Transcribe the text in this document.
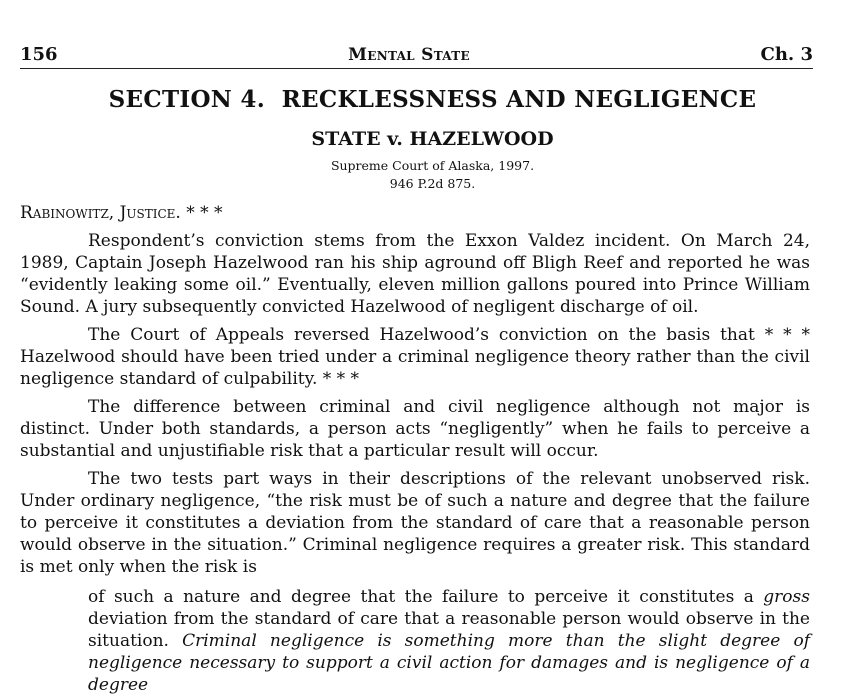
156	Mental State	Ch. 3
SECTION 4.  RECKLESSNESS AND NEGLIGENCE
STATE v. HAZELWOOD
Supreme Court of Alaska, 1997.
946 P.2d 875.

Rabinowitz, Justice. * * *

Respondent’s conviction stems from the Exxon Valdez incident. On March 24, 1989, Captain Joseph Hazelwood ran his ship aground off Bligh Reef and reported he was “evidently leaking some oil.” Eventually, eleven million gallons poured into Prince William Sound. A jury subsequently convicted Hazelwood of negligent discharge of oil.

The Court of Appeals reversed Hazelwood’s conviction on the basis that * * * Hazelwood should have been tried under a criminal negligence theory rather than the civil negligence standard of culpability. * * *

The difference between criminal and civil negligence although not major is distinct. Under both standards, a person acts “negligently” when he fails to perceive a substantial and unjustifiable risk that a particular result will occur.

The two tests part ways in their descriptions of the relevant unobserved risk. Under ordinary negligence, “the risk must be of such a nature and degree that the failure to perceive it constitutes a deviation from the standard of care that a reasonable person would observe in the situation.” Criminal negligence requires a greater risk. This standard is met only when the risk is

of such a nature and degree that the failure to perceive it constitutes a gross deviation from the standard of care that a reasonable person would observe in the situation. Criminal negligence is something more than the slight degree of negligence necessary to support a civil action for damages and is negligence of a degree
